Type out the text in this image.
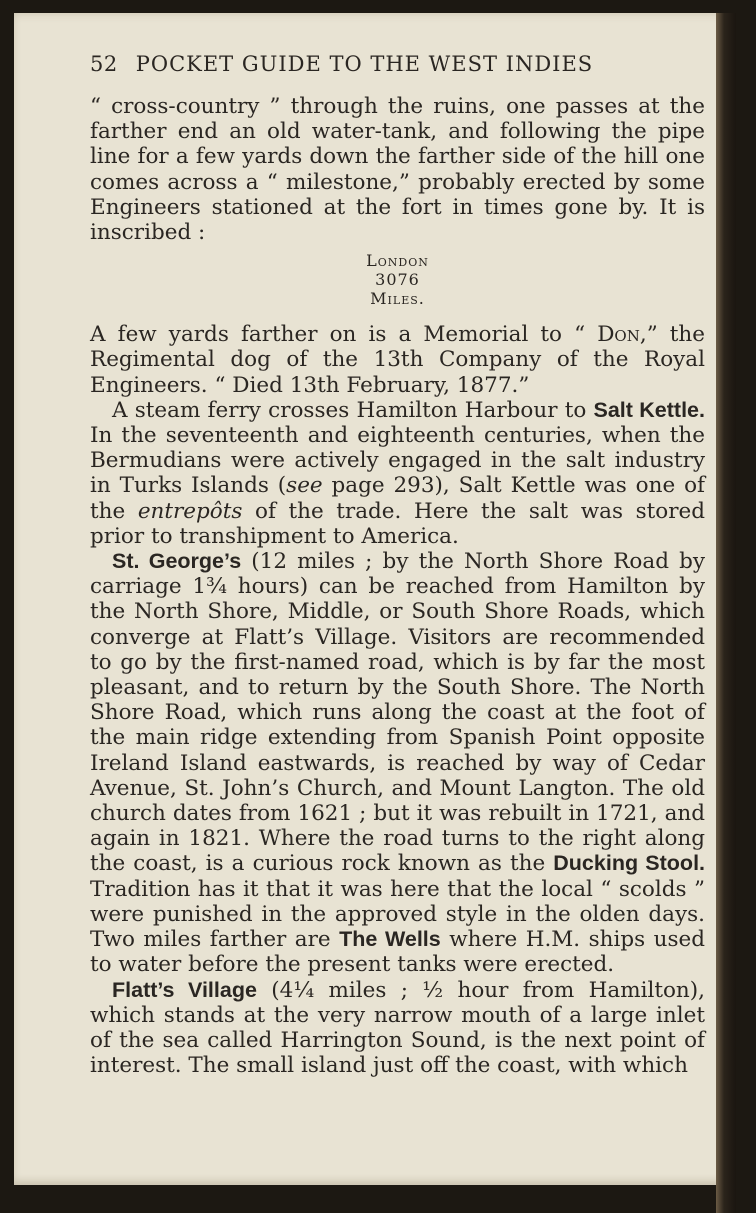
52 POCKET GUIDE TO THE WEST INDIES

“ cross-country ” through the ruins, one passes at the farther end an old water-tank, and following the pipe line for a few yards down the farther side of the hill one comes across a “ milestone,” probably erected by some Engineers stationed at the fort in times gone by. It is inscribed :

London
3076
Miles.

A few yards farther on is a Memorial to “ Don,” the Regimental dog of the 13th Company of the Royal Engineers. “ Died 13th February, 1877.”

A steam ferry crosses Hamilton Harbour to Salt Kettle. In the seventeenth and eighteenth centuries, when the Bermudians were actively engaged in the salt industry in Turks Islands (see page 293), Salt Kettle was one of the entrepôts of the trade. Here the salt was stored prior to transhipment to America.

St. George’s (12 miles ; by the North Shore Road by carriage 1¾ hours) can be reached from Hamilton by the North Shore, Middle, or South Shore Roads, which converge at Flatt’s Village. Visitors are recommended to go by the first-named road, which is by far the most pleasant, and to return by the South Shore. The North Shore Road, which runs along the coast at the foot of the main ridge extending from Spanish Point opposite Ireland Island eastwards, is reached by way of Cedar Avenue, St. John’s Church, and Mount Langton. The old church dates from 1621 ; but it was rebuilt in 1721, and again in 1821. Where the road turns to the right along the coast, is a curious rock known as the Ducking Stool. Tradition has it that it was here that the local “ scolds ” were punished in the approved style in the olden days. Two miles farther are The Wells where H.M. ships used to water before the present tanks were erected.

Flatt’s Village (4¼ miles ; ½ hour from Hamilton), which stands at the very narrow mouth of a large inlet of the sea called Harrington Sound, is the next point of interest. The small island just off the coast, with which
